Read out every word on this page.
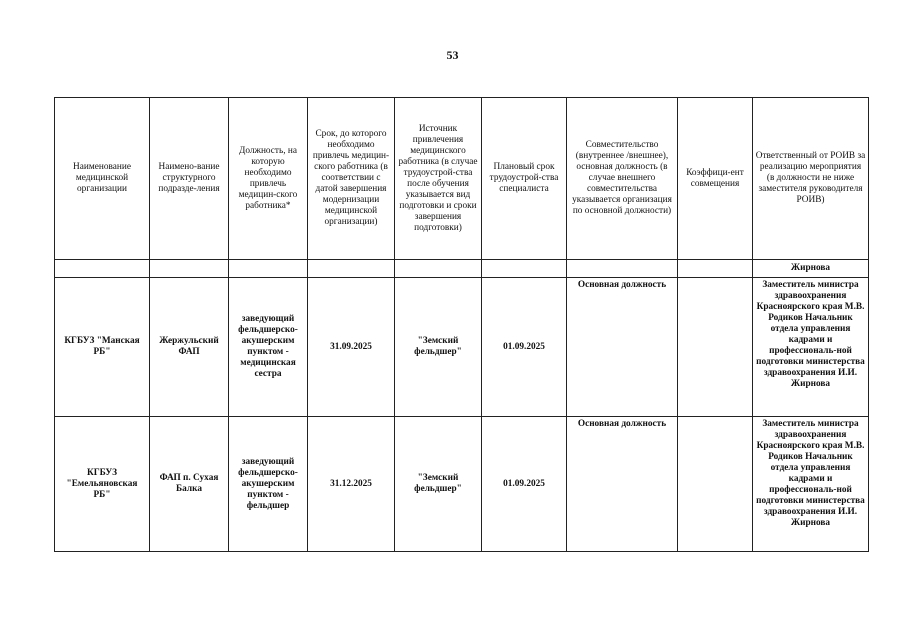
53
Наименование медицинской организации	Наимено-вание структурного подразде-ления	Должность, на которую необходимо привлечь медицин-ского работника*	Срок, до которого необходимо привлечь медицин-ского работника (в соответствии с датой завершения модернизации медицинской организации)	Источник привлечения медицинского работника (в случае трудоустрой-ства после обучения указывается вид подготовки и сроки завершения подготовки)	Плановый срок трудоустрой-ства специалиста	Совместительство (внутреннее /внешнее), основная должность (в случае внешнего совместительства указывается организация по основной должности)	Коэффици-ент совмещения	Ответственный от РОИВ за реализацию мероприятия (в должности не ниже заместителя руководителя РОИВ)
								Жирнова
КГБУЗ "Манская РБ"	Жержульский ФАП	заведующий фельдшерско-акушерским пунктом - медицинская сестра	31.09.2025	"Земский фельдшер"	01.09.2025	Основная должность		Заместитель министра здравоохранения Красноярского края М.В. Родиков Начальник отдела управления кадрами и профессиональ-ной подготовки министерства здравоохранения И.И. Жирнова
КГБУЗ "Емельяновская РБ"	ФАП п. Сухая Балка	заведующий фельдшерско-акушерским пунктом - фельдшер	31.12.2025	"Земский фельдшер"	01.09.2025	Основная должность		Заместитель министра здравоохранения Красноярского края М.В. Родиков Начальник отдела управления кадрами и профессиональ-ной подготовки министерства здравоохранения И.И. Жирнова
